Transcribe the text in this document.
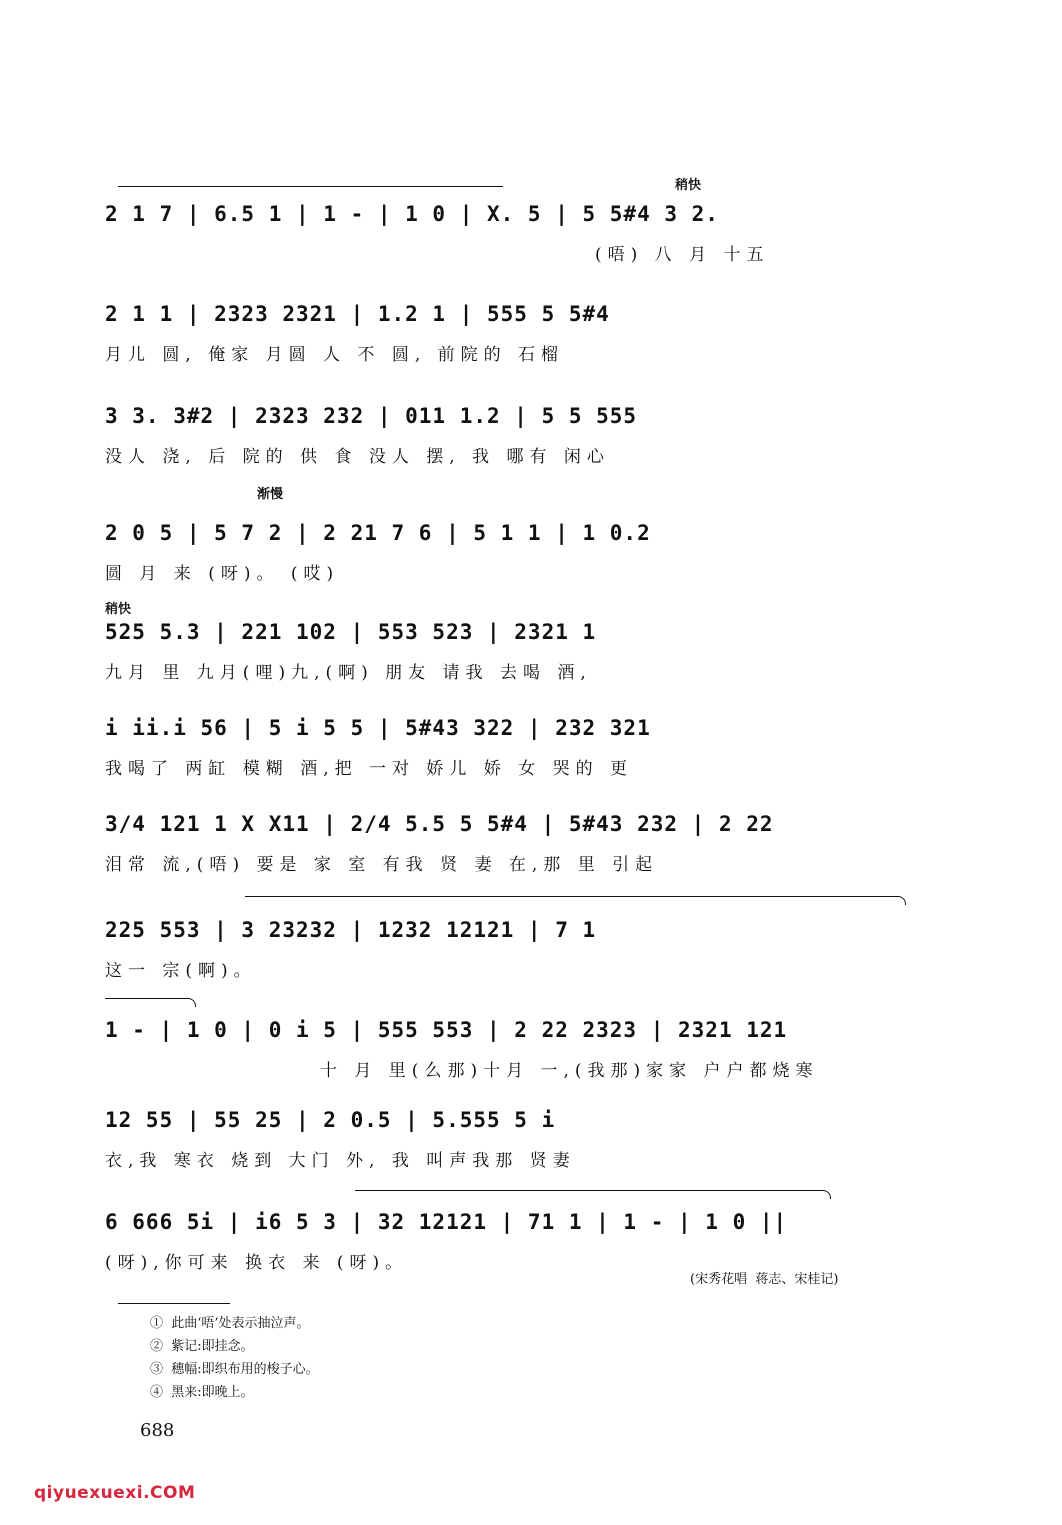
稍快
2 1 7 | 6.5 1 | 1 - | 1 0 | X. 5 | 5 5#4 3 2.
(唔) 八 月 十五
2 1 1 | 2323 2321 | 1.2 1 | 555 5 5#4
月儿 圆, 俺家 月圆 人 不 圆, 前院的 石榴
3 3. 3#2 | 2323 232 | 011 1.2 | 5 5 555
没人 浇, 后 院的 供 食 没人 摆, 我 哪有 闲心
渐慢
2 0 5 | 5 7 2 | 2 21 7 6 | 5 1 1 | 1 0.2
圆 月 来 (呀)。 (哎)
稍快
525 5.3 | 221 102 | 553 523 | 2321 1
九月 里 九月(哩)九,(啊) 朋友 请我 去喝 酒,
i ii.i 56 | 5 i 5 5 | 5#43 322 | 232 321
我喝了 两缸 模糊 酒,把 一对 娇儿 娇 女 哭的 更
3/4 121 1 X X11 | 2/4 5.5 5 5#4 | 5#43 232 | 2 22
泪常 流,(唔) 要是 家 室 有我 贤 妻 在,那 里 引起
225 553 | 3 23232 | 1232 12121 | 7 1
这一 宗(啊)。
1 - | 1 0 | 0 i 5 | 555 553 | 2 22 2323 | 2321 121
十 月 里(么那)十月 一,(我那)家家 户户都烧寒
12 55 | 55 25 | 2 0.5 | 5.555 5 i
衣,我 寒衣 烧到 大门 外, 我 叫声我那 贤妻
6 666 5i | i6 5 3 | 32 12121 | 71 1 | 1 - | 1 0 ||
(呀),你可来 换衣 来 (呀)。
(宋秀花唱  蒋志、宋桂记)
①  此曲‘唔’处表示抽泣声。
②  紫记:即挂念。
③  穗幅:即织布用的梭子心。
④  黑来:即晚上。
688
qiyuexuexi.COM
